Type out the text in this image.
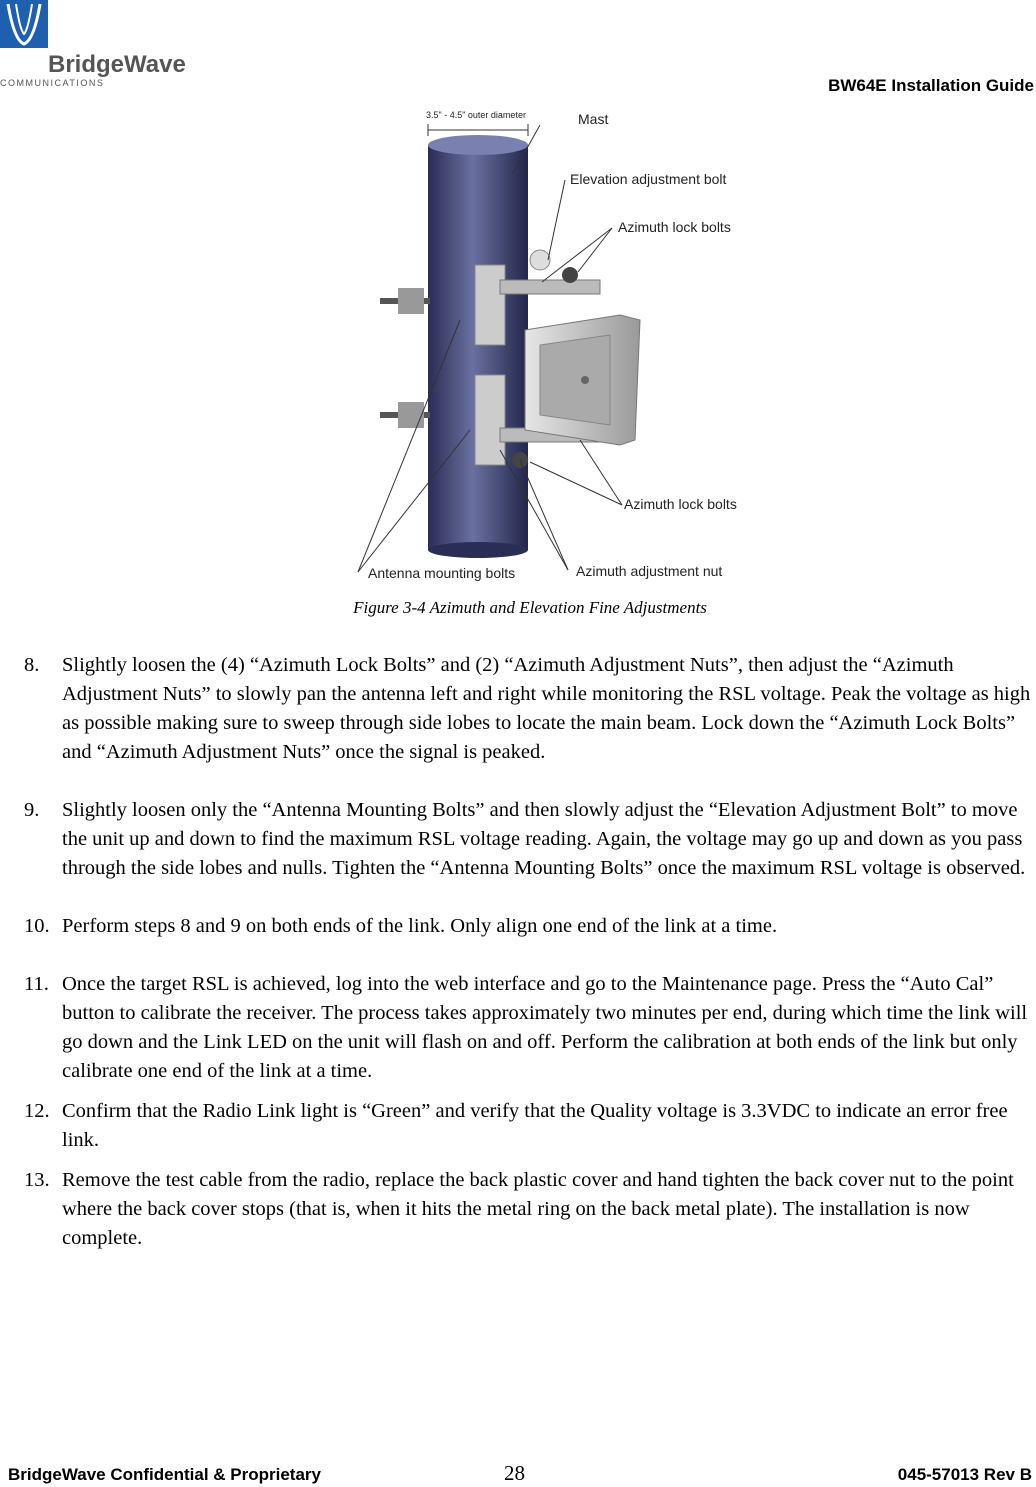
BridgeWave
COMMUNICATIONS	BW64E Installation Guide
3.5" - 4.5" outer diameter	Mast
Elevation adjustment bolt
Azimuth lock bolts
Azimuth lock bolts
Antenna mounting bolts	Azimuth adjustment nut
Figure 3-4 Azimuth and Elevation Fine Adjustments
8. Slightly loosen the (4) “Azimuth Lock Bolts” and (2) “Azimuth Adjustment Nuts”, then adjust the “Azimuth Adjustment Nuts” to slowly pan the antenna left and right while monitoring the RSL voltage. Peak the voltage as high as possible making sure to sweep through side lobes to locate the main beam. Lock down the “Azimuth Lock Bolts” and “Azimuth Adjustment Nuts” once the signal is peaked.
9. Slightly loosen only the “Antenna Mounting Bolts” and then slowly adjust the “Elevation Adjustment Bolt” to move the unit up and down to find the maximum RSL voltage reading. Again, the voltage may go up and down as you pass through the side lobes and nulls. Tighten the “Antenna Mounting Bolts” once the maximum RSL voltage is observed.
10. Perform steps 8 and 9 on both ends of the link. Only align one end of the link at a time.
11. Once the target RSL is achieved, log into the web interface and go to the Maintenance page. Press the “Auto Cal” button to calibrate the receiver. The process takes approximately two minutes per end, during which time the link will go down and the Link LED on the unit will flash on and off. Perform the calibration at both ends of the link but only calibrate one end of the link at a time.
12. Confirm that the Radio Link light is “Green” and verify that the Quality voltage is 3.3VDC to indicate an error free link.
13. Remove the test cable from the radio, replace the back plastic cover and hand tighten the back cover nut to the point where the back cover stops (that is, when it hits the metal ring on the back metal plate). The installation is now complete.
BridgeWave Confidential & Proprietary	28	045-57013 Rev B
